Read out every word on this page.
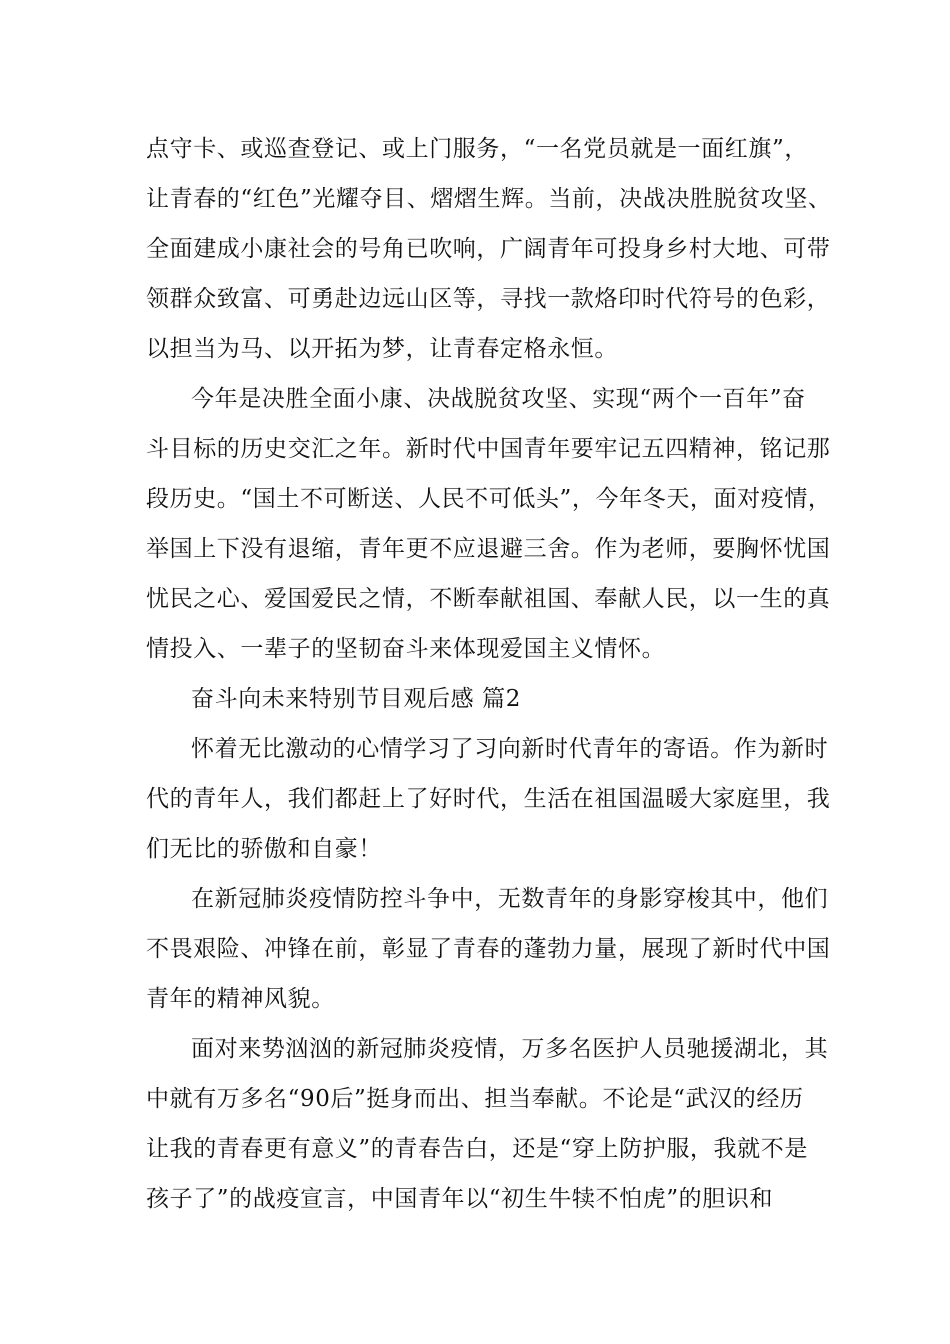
点守卡、或巡查登记、或上门服务，“一名党员就是一面红旗”，
让青春的“红色”光耀夺目、熠熠生辉。当前，决战决胜脱贫攻坚、
全面建成小康社会的号角已吹响，广阔青年可投身乡村大地、可带
领群众致富、可勇赴边远山区等，寻找一款烙印时代符号的色彩，
以担当为马、以开拓为梦，让青春定格永恒。
今年是决胜全面小康、决战脱贫攻坚、实现“两个一百年”奋
斗目标的历史交汇之年。新时代中国青年要牢记五四精神，铭记那
段历史。“国土不可断送、人民不可低头”，今年冬天，面对疫情，
举国上下没有退缩，青年更不应退避三舍。作为老师，要胸怀忧国
忧民之心、爱国爱民之情，不断奉献祖国、奉献人民，以一生的真
情投入、一辈子的坚韧奋斗来体现爱国主义情怀。
奋斗向未来特别节目观后感 篇2
怀着无比激动的心情学习了习向新时代青年的寄语。作为新时
代的青年人，我们都赶上了好时代，生活在祖国温暖大家庭里，我
们无比的骄傲和自豪！
在新冠肺炎疫情防控斗争中，无数青年的身影穿梭其中，他们
不畏艰险、冲锋在前，彰显了青春的蓬勃力量，展现了新时代中国
青年的精神风貌。
面对来势汹汹的新冠肺炎疫情，万多名医护人员驰援湖北，其
中就有万多名“90后”挺身而出、担当奉献。不论是“武汉的经历
让我的青春更有意义”的青春告白，还是“穿上防护服，我就不是
孩子了”的战疫宣言，中国青年以“初生牛犊不怕虎”的胆识和
